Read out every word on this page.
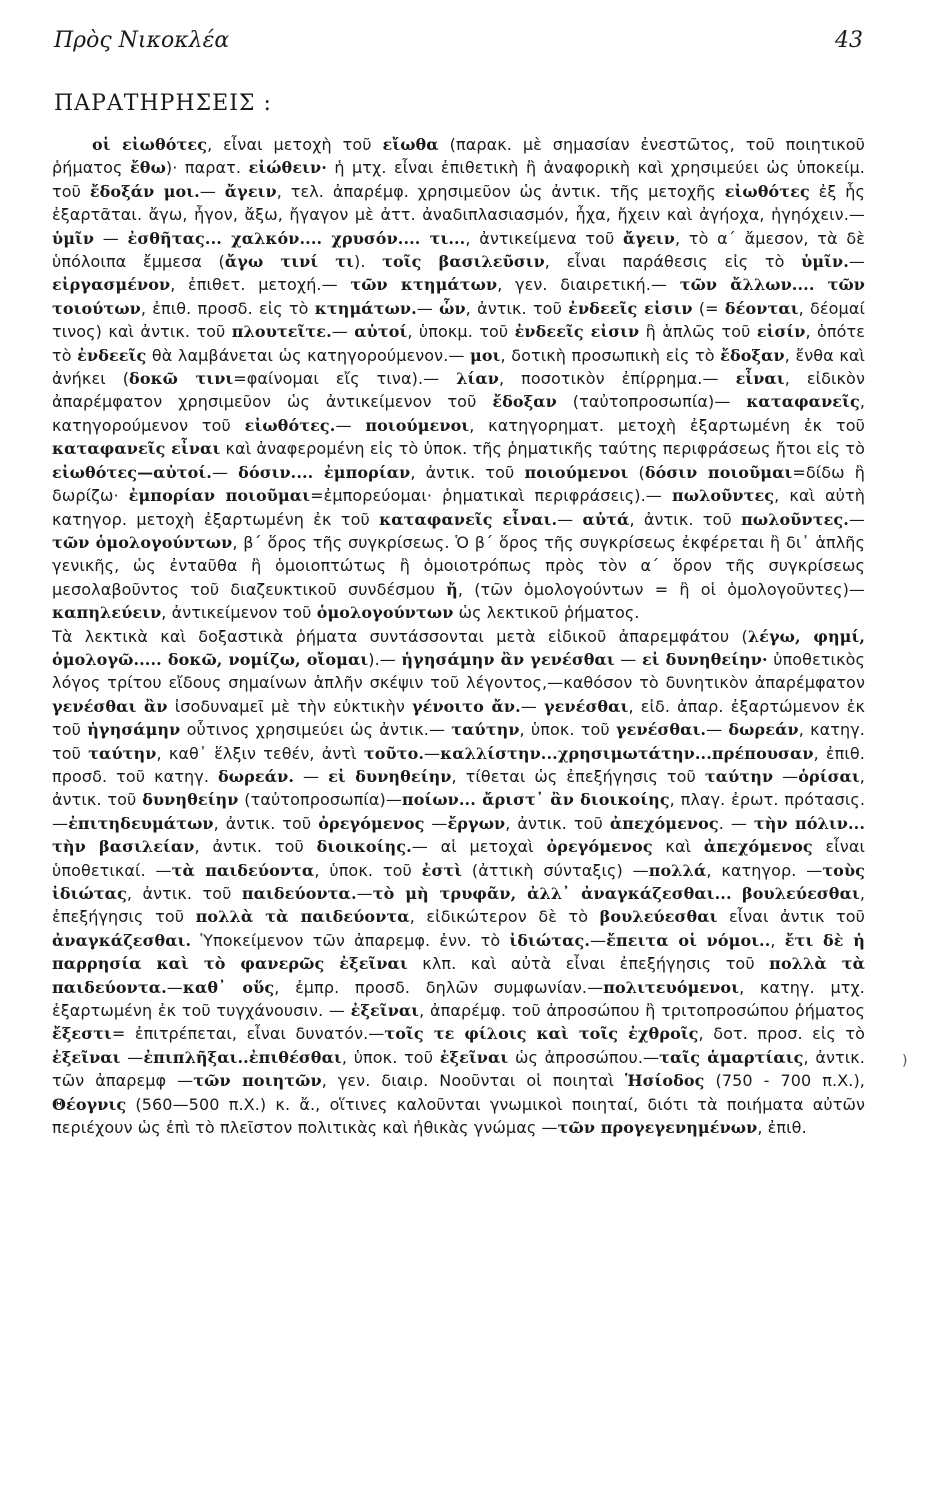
Πρὸς Νικοκλέα	43
ΠΑΡΑΤΗΡΗΣΕΙΣ :

οἱ εἰωθότες, εἶναι μετοχὴ τοῦ εἴωθα (παρακ. μὲ σημασίαν ἐνεστῶτος, τοῦ ποιητικοῦ ῥήματος ἔθω)· παρατ. εἰώθειν· ἡ μτχ. εἶναι ἐπιθετικὴ ἢ ἀναφορικὴ καὶ χρησιμεύει ὡς ὑποκείμ. τοῦ ἔδοξάν μοι.— ἄγειν, τελ. ἀπαρέμφ. χρησιμεῦον ὡς ἀντικ. τῆς μετοχῆς εἰωθότες ἐξ ἧς ἐξαρτᾶται. ἄγω, ἦγον, ἄξω, ἤγαγον μὲ ἀττ. ἀναδιπλασιασμόν, ἦχα, ἤχειν καὶ ἀγήοχα, ἠγηόχειν.— ὑμῖν — ἐσθῆτας... χαλκόν.... χρυσόν.... τι..., ἀντικείμενα τοῦ ἄγειν, τὸ α΄ ἄμεσον, τὰ δὲ ὑπόλοιπα ἔμμεσα (ἄγω τινί τι). τοῖς βασιλεῦσιν, εἶναι παράθεσις εἰς τὸ ὑμῖν.— εἰργασμένον, ἐπιθετ. μετοχή.— τῶν κτημάτων, γεν. διαιρετική.— τῶν ἄλλων.... τῶν τοιούτων, ἐπιθ. προσδ. εἰς τὸ κτημάτων.— ὧν, ἀντικ. τοῦ ἐνδεεῖς εἰσιν (= δέονται, δέομαί τινος) καὶ ἀντικ. τοῦ πλουτεῖτε.— αὐτοί, ὑποκμ. τοῦ ἐνδεεῖς εἰσιν ἢ ἁπλῶς τοῦ εἰσίν, ὁπότε τὸ ἐνδεεῖς θὰ λαμβάνεται ὡς κατηγορούμενον.— μοι, δοτικὴ προσωπικὴ εἰς τὸ ἔδοξαν, ἔνθα καὶ ἀνήκει (δοκῶ τινι=φαίνομαι εἴς τινα).— λίαν, ποσοτικὸν ἐπίρρημα.— εἶναι, εἰδικὸν ἀπαρέμφατον χρησιμεῦον ὡς ἀντικείμενον τοῦ ἔδοξαν (ταὐτοπροσωπία)— καταφανεῖς, κατηγορούμενον τοῦ εἰωθότες.— ποιούμενοι, κατηγορηματ. μετοχὴ ἐξαρτωμένη ἐκ τοῦ καταφανεῖς εἶναι καὶ ἀναφερομένη εἰς τὸ ὑποκ. τῆς ῥηματικῆς ταύτης περιφράσεως ἤτοι εἰς τὸ εἰωθότες—αὐτοί.— δόσιν.... ἐμπορίαν, ἀντικ. τοῦ ποιούμενοι (δόσιν ποιοῦμαι=δίδω ἢ δωρίζω· ἐμπορίαν ποιοῦμαι=ἐμπορεύομαι· ῥηματικαὶ περιφράσεις).— πωλοῦντες, καὶ αὐτὴ κατηγορ. μετοχὴ ἐξαρτωμένη ἐκ τοῦ καταφανεῖς εἶναι.— αὐτά, ἀντικ. τοῦ πωλοῦντες.— τῶν ὁμολογούντων, β΄ ὅρος τῆς συγκρίσεως. Ὁ β΄ ὅρος τῆς συγκρίσεως ἐκφέρεται ἢ δι᾽ ἁπλῆς γενικῆς, ὡς ἐνταῦθα ἢ ὁμοιοπτώτως ἢ ὁμοιοτρόπως πρὸς τὸν α΄ ὅρον τῆς συγκρίσεως μεσολαβοῦντος τοῦ διαζευκτικοῦ συνδέσμου ἤ, (τῶν ὁμολογούντων = ἢ οἱ ὁμολογοῦντες)— καπηλεύειν, ἀντικείμενον τοῦ ὁμολογούντων ὡς λεκτικοῦ ῥήματος.

Τὰ λεκτικὰ καὶ δοξαστικὰ ῥήματα συντάσσονται μετὰ εἰδικοῦ ἀπαρεμφάτου (λέγω, φημί, ὁμολογῶ..... δοκῶ, νομίζω, οἴομαι).— ἡγησάμην ἂν γενέσθαι — εἰ δυνηθείην· ὑποθετικὸς λόγος τρίτου εἴδους σημαίνων ἁπλῆν σκέψιν τοῦ λέγοντος,—καθόσον τὸ δυνητικὸν ἀπαρέμφατον γενέσθαι ἂν ἰσοδυναμεῖ μὲ τὴν εὐκτικὴν γένοιτο ἄν.— γενέσθαι, εἰδ. ἀπαρ. ἐξαρτώμενον ἐκ τοῦ ἡγησάμην οὗτινος χρησιμεύει ὡς ἀντικ.— ταύτην, ὑποκ. τοῦ γενέσθαι.— δωρεάν, κατηγ. τοῦ ταύτην, καθ᾽ ἕλξιν τεθέν, ἀντὶ τοῦτο.—καλλίστην...χρησιμωτάτην...πρέπουσαν, ἐπιθ. προσδ. τοῦ κατηγ. δωρεάν. — εἰ δυνηθείην, τίθεται ὡς ἐπεξήγησις τοῦ ταύτην —ὁρίσαι, ἀντικ. τοῦ δυνηθείην (ταὐτοπροσωπία)—ποίων... ἄριστ᾽ ἂν διοικοίης, πλαγ. ἐρωτ. πρότασις.—ἐπιτηδευμάτων, ἀντικ. τοῦ ὀρεγόμενος —ἔργων, ἀντικ. τοῦ ἀπεχόμενος. — τὴν πόλιν... τὴν βασιλείαν, ἀντικ. τοῦ διοικοίης.— αἱ μετοχαὶ ὀρεγόμενος καὶ ἀπεχόμενος εἶναι ὑποθετικαί. —τὰ παιδεύοντα, ὑποκ. τοῦ ἐστὶ (ἀττικὴ σύνταξις) —πολλά, κατηγορ. —τοὺς ἰδιώτας, ἀντικ. τοῦ παιδεύοντα.—τὸ μὴ τρυφᾶν, ἀλλ᾽ ἀναγκάζεσθαι... βουλεύεσθαι, ἐπεξήγησις τοῦ πολλὰ τὰ παιδεύοντα, εἰδικώτερον δὲ τὸ βουλεύεσθαι εἶναι ἀντικ τοῦ ἀναγκάζεσθαι. Ὑποκείμενον τῶν ἀπαρεμφ. ἐνν. τὸ ἰδιώτας.—ἔπειτα οἱ νόμοι.., ἔτι δὲ ἡ παρρησία καὶ τὸ φανερῶς ἐξεῖναι κλπ. καὶ αὐτὰ εἶναι ἐπεξήγησις τοῦ πολλὰ τὰ παιδεύοντα.—καθ᾽ οὕς, ἐμπρ. προσδ. δηλῶν συμφωνίαν.—πολιτευόμενοι, κατηγ. μτχ. ἐξαρτωμένη ἐκ τοῦ τυγχάνουσιν. — ἐξεῖναι, ἀπαρέμφ. τοῦ ἀπροσώπου ἢ τριτοπροσώπου ῥήματος ἔξεστι= ἐπιτρέπεται, εἶναι δυνατόν.—τοῖς τε φίλοις καὶ τοῖς ἐχθροῖς, δοτ. προσ. εἰς τὸ ἐξεῖναι —ἐπιπλῆξαι..ἐπιθέσθαι, ὑποκ. τοῦ ἐξεῖναι ὡς ἀπροσώπου.—ταῖς ἁμαρτίαις, ἀντικ. τῶν ἀπαρεμφ —τῶν ποιητῶν, γεν. διαιρ. Νοοῦνται οἱ ποιηταὶ Ἡσίοδος (750 - 700 π.Χ.), Θέογνις (560—500 π.Χ.) κ. ἄ., οἵτινες καλοῦνται γνωμικοὶ ποιηταί, διότι τὰ ποιήματα αὐτῶν περιέχουν ὡς ἐπὶ τὸ πλεῖστον πολιτικὰς καὶ ἠθικὰς γνώμας —τῶν προγεγενημένων, ἐπιθ.

)
